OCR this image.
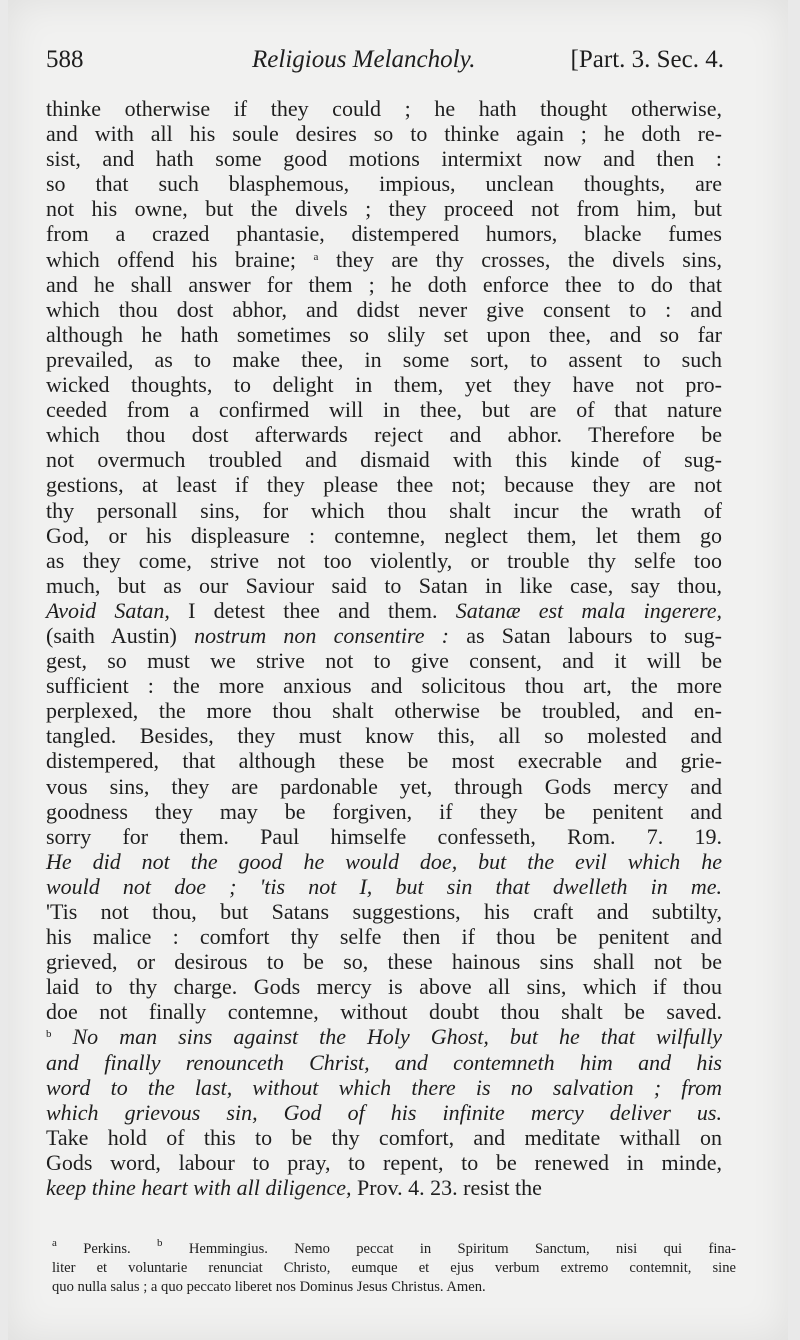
588	Religious Melancholy.	[Part. 3. Sec. 4.
thinke otherwise if they could ; he hath thought otherwise,
and with all his soule desires so to thinke again ; he doth re-
sist, and hath some good motions intermixt now and then :
so that such blasphemous, impious, unclean thoughts, are
not his owne, but the divels ; they proceed not from him, but
from a crazed phantasie, distempered humors, blacke fumes
which offend his braine; $^a$ they are thy crosses, the divels sins,
and he shall answer for them ; he doth enforce thee to do that
which thou dost abhor, and didst never give consent to : and
although he hath sometimes so slily set upon thee, and so far
prevailed, as to make thee, in some sort, to assent to such
wicked thoughts, to delight in them, yet they have not pro-
ceeded from a confirmed will in thee, but are of that nature
which thou dost afterwards reject and abhor. Therefore be
not overmuch troubled and dismaid with this kinde of sug-
gestions, at least if they please thee not; because they are not
thy personall sins, for which thou shalt incur the wrath of
God, or his displeasure : contemne, neglect them, let them go
as they come, strive not too violently, or trouble thy selfe too
much, but as our Saviour said to Satan in like case, say thou,
Avoid Satan, I detest thee and them. Satanæ est mala ingerere,
(saith Austin) nostrum non consentire : as Satan labours to sug-
gest, so must we strive not to give consent, and it will be
sufficient : the more anxious and solicitous thou art, the more
perplexed, the more thou shalt otherwise be troubled, and en-
tangled. Besides, they must know this, all so molested and
distempered, that although these be most execrable and grie-
vous sins, they are pardonable yet, through Gods mercy and
goodness they may be forgiven, if they be penitent and
sorry for them. Paul himselfe confesseth, Rom. 7. 19.
He did not the good he would doe, but the evil which he
would not doe ; 'tis not I, but sin that dwelleth in me.
'Tis not thou, but Satans suggestions, his craft and subtilty,
his malice : comfort thy selfe then if thou be penitent and
grieved, or desirous to be so, these hainous sins shall not be
laid to thy charge. Gods mercy is above all sins, which if thou
doe not finally contemne, without doubt thou shalt be saved.
$^b$ No man sins against the Holy Ghost, but he that wilfully
and finally renounceth Christ, and contemneth him and his
word to the last, without which there is no salvation ; from
which grievous sin, God of his infinite mercy deliver us.
Take hold of this to be thy comfort, and meditate withall on
Gods word, labour to pray, to repent, to be renewed in minde,
keep thine heart with all diligence, Prov. 4. 23. resist the
$^a$ Perkins. $^b$ Hemmingius. Nemo peccat in Spiritum Sanctum, nisi qui fina-
liter et voluntarie renunciat Christo, eumque et ejus verbum extremo contemnit, sine
quo nulla salus ; a quo peccato liberet nos Dominus Jesus Christus. Amen.
